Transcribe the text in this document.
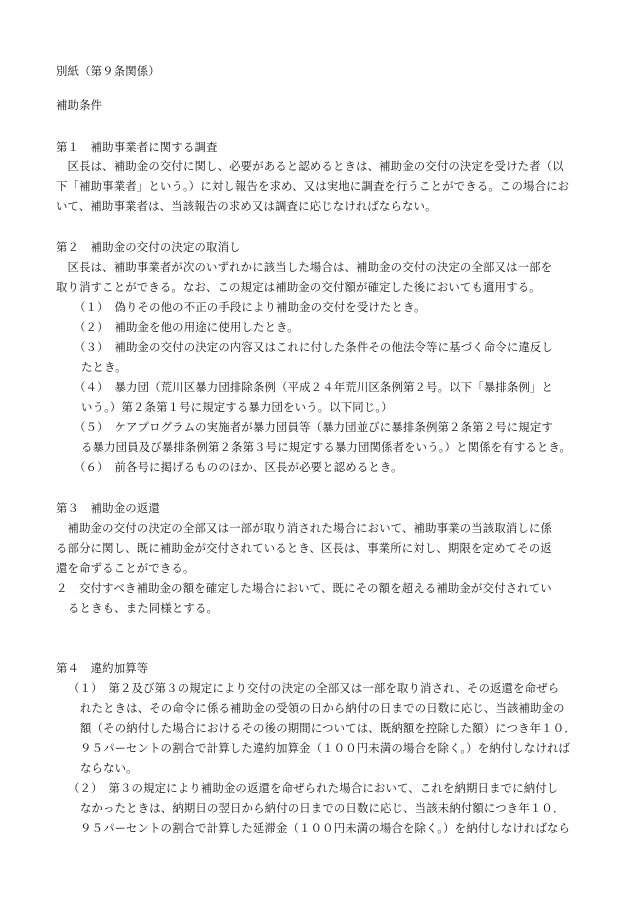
別紙（第９条関係）
補助条件
第１　補助事業者に関する調査
　区長は、補助金の交付に関し、必要があると認めるときは、補助金の交付の決定を受けた者（以
下「補助事業者」という。）に対し報告を求め、又は実地に調査を行うことができる。この場合にお
いて、補助事業者は、当該報告の求め又は調査に応じなければならない。
第２　補助金の交付の決定の取消し
　区長は、補助事業者が次のいずれかに該当した場合は、補助金の交付の決定の全部又は一部を
取り消すことができる。なお、この規定は補助金の交付額が確定した後においても適用する。
（１）　偽りその他の不正の手段により補助金の交付を受けたとき。
（２）　補助金を他の用途に使用したとき。
（３）　補助金の交付の決定の内容又はこれに付した条件その他法令等に基づく命令に違反し
たとき。
（４）　暴力団（荒川区暴力団排除条例（平成２４年荒川区条例第２号。以下「暴排条例」と
いう。）第２条第１号に規定する暴力団をいう。以下同じ。）
（５）　ケアプログラムの実施者が暴力団員等（暴力団並びに暴排条例第２条第２号に規定す
る暴力団員及び暴排条例第２条第３号に規定する暴力団関係者をいう。）と関係を有するとき。
（６）　前各号に掲げるもののほか、区長が必要と認めるとき。
第３　補助金の返還
　補助金の交付の決定の全部又は一部が取り消された場合において、補助事業の当該取消しに係
る部分に関し、既に補助金が交付されているとき、区長は、事業所に対し、期限を定めてその返
還を命ずることができる。
２　交付すべき補助金の額を確定した場合において、既にその額を超える補助金が交付されてい
るときも、また同様とする。
第４　違約加算等
（１）　第２及び第３の規定により交付の決定の全部又は一部を取り消され、その返還を命ぜら
れたときは、その命令に係る補助金の受領の日から納付の日までの日数に応じ、当該補助金の
額（その納付した場合におけるその後の期間については、既納額を控除した額）につき年１０．
９５パーセントの割合で計算した違約加算金（１００円未満の場合を除く。）を納付しなければ
ならない。
（２）　第３の規定により補助金の返還を命ぜられた場合において、これを納期日までに納付し
なかったときは、納期日の翌日から納付の日までの日数に応じ、当該未納付額につき年１０．
９５パーセントの割合で計算した延滞金（１００円未満の場合を除く。）を納付しなければなら
